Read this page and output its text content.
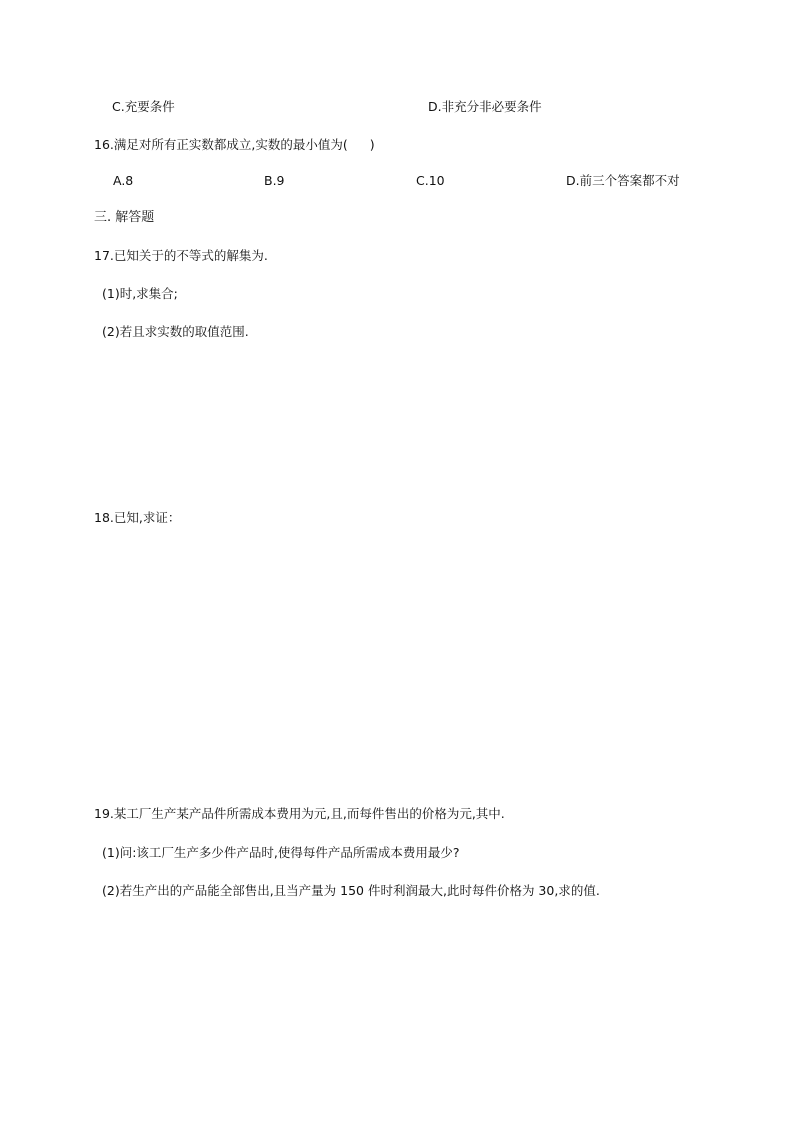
C.充要条件	D.非充分非必要条件
16.满足对所有正实数都成立,实数的最小值为( )
A.8	B.9	C.10	D.前三个答案都不对
三. 解答题
17.已知关于的不等式的解集为.
(1)时,求集合;
(2)若且求实数的取值范围.
18.已知,求证：
19.某工厂生产某产品件所需成本费用为元,且,而每件售出的价格为元,其中.
(1)问:该工厂生产多少件产品时,使得每件产品所需成本费用最少?
(2)若生产出的产品能全部售出,且当产量为 150 件时利润最大,此时每件价格为 30,求的值.
